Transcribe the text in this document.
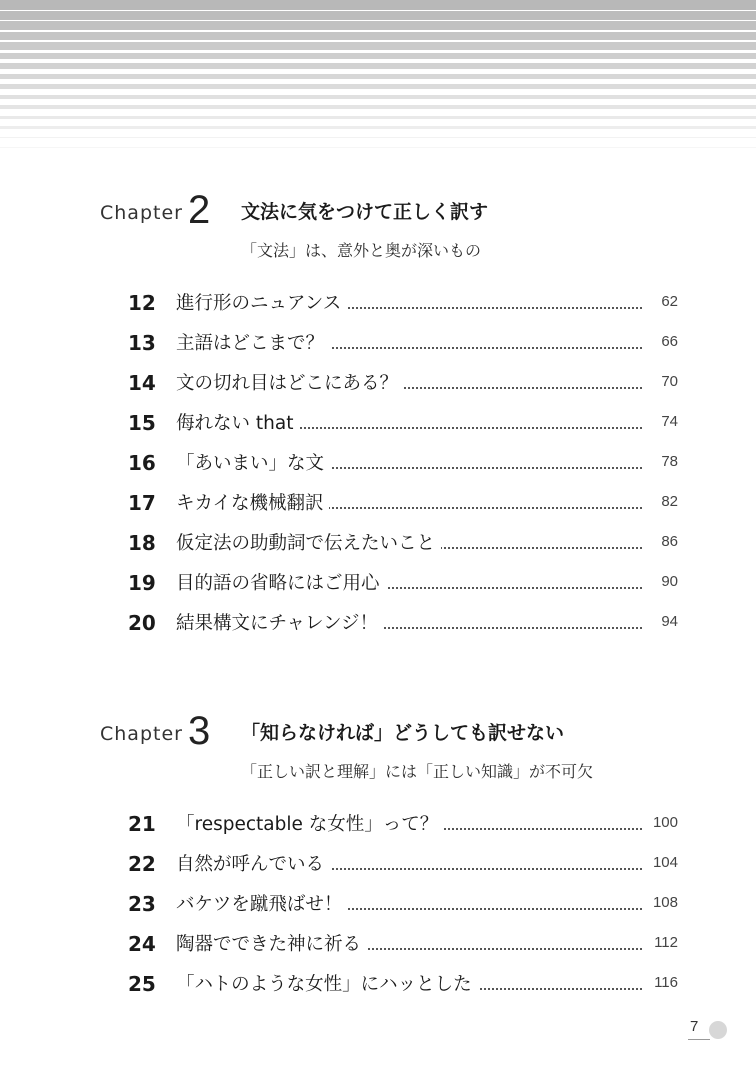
Chapter 2 文法に気をつけて正しく訳す
「文法」は、意外と奥が深いもの
12 進行形のニュアンス	62
13 主語はどこまで？	66
14 文の切れ目はどこにある？	70
15 侮れない that	74
16 「あいまい」な文	78
17 キカイな機械翻訳	82
18 仮定法の助動詞で伝えたいこと	86
19 目的語の省略にはご用心	90
20 結果構文にチャレンジ！	94
Chapter 3 「知らなければ」どうしても訳せない
「正しい訳と理解」には「正しい知識」が不可欠
21 「respectable な女性」って？	100
22 自然が呼んでいる	104
23 バケツを蹴飛ばせ！	108
24 陶器でできた神に祈る	112
25 「ハトのような女性」にハッとした	116
7
